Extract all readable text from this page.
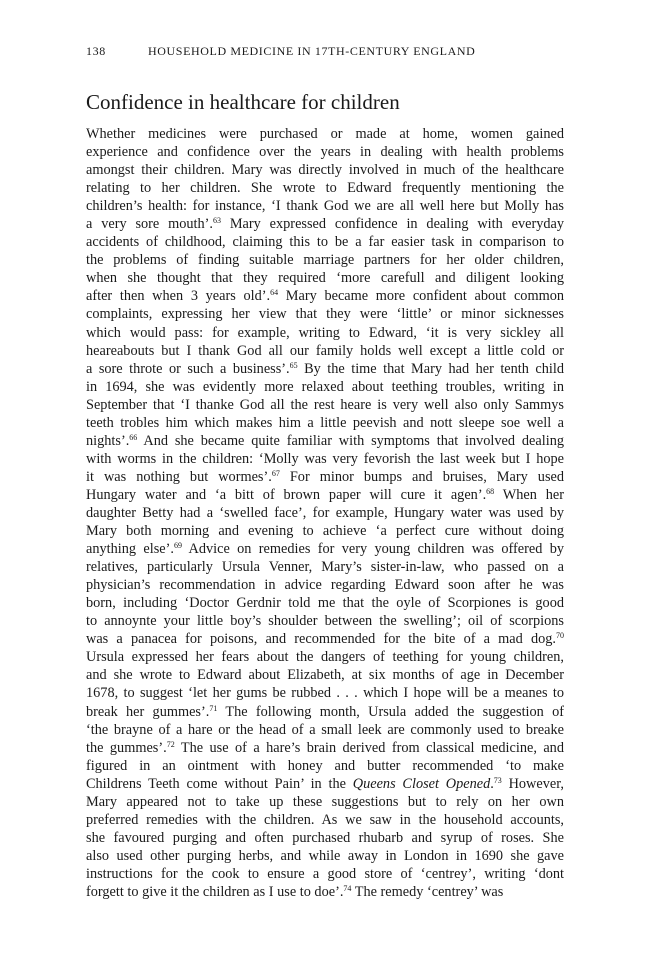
138	HOUSEHOLD MEDICINE IN 17TH-CENTURY ENGLAND
Confidence in healthcare for children
Whether medicines were purchased or made at home, women gained
experience and confidence over the years in dealing with health problems
amongst their children. Mary was directly involved in much of the healthcare
relating to her children. She wrote to Edward frequently mentioning the
children’s health: for instance, ‘I thank God we are all well here but Molly has
a very sore mouth’.$^{63}$ Mary expressed confidence in dealing with everyday
accidents of childhood, claiming this to be a far easier task in comparison to
the problems of finding suitable marriage partners for her older children,
when she thought that they required ‘more carefull and diligent looking
after then when 3 years old’.$^{64}$ Mary became more confident about common
complaints, expressing her view that they were ‘little’ or minor sicknesses
which would pass: for example, writing to Edward, ‘it is very sickley all
heareabouts but I thank God all our family holds well except a little cold or
a sore throte or such a business’.$^{65}$ By the time that Mary had her tenth child
in 1694, she was evidently more relaxed about teething troubles, writing in
September that ‘I thanke God all the rest heare is very well also only Sammys
teeth trobles him which makes him a little peevish and nott sleepe soe well a
nights’.$^{66}$ And she became quite familiar with symptoms that involved dealing
with worms in the children: ‘Molly was very fevorish the last week but I hope
it was nothing but wormes’.$^{67}$ For minor bumps and bruises, Mary used
Hungary water and ‘a bitt of brown paper will cure it agen’.$^{68}$ When her
daughter Betty had a ‘swelled face’, for example, Hungary water was used by
Mary both morning and evening to achieve ‘a perfect cure without doing
anything else’.$^{69}$ Advice on remedies for very young children was offered by
relatives, particularly Ursula Venner, Mary’s sister-in-law, who passed on a
physician’s recommendation in advice regarding Edward soon after he was
born, including ‘Doctor Gerdnir told me that the oyle of Scorpiones is good
to annoynte your little boy’s shoulder between the swelling’; oil of scorpions
was a panacea for poisons, and recommended for the bite of a mad dog.$^{70}$
Ursula expressed her fears about the dangers of teething for young children,
and she wrote to Edward about Elizabeth, at six months of age in December
1678, to suggest ‘let her gums be rubbed . . . which I hope will be a meanes to
break her gummes’.$^{71}$ The following month, Ursula added the suggestion of
‘the brayne of a hare or the head of a small leek are commonly used to breake
the gummes’.$^{72}$ The use of a hare’s brain derived from classical medicine, and
figured in an ointment with honey and butter recommended ‘to make
Childrens Teeth come without Pain’ in the Queens Closet Opened.$^{73}$ However,
Mary appeared not to take up these suggestions but to rely on her own
preferred remedies with the children. As we saw in the household accounts,
she favoured purging and often purchased rhubarb and syrup of roses. She
also used other purging herbs, and while away in London in 1690 she gave
instructions for the cook to ensure a good store of ‘centrey’, writing ‘dont
forgett to give it the children as I use to doe’.$^{74}$ The remedy ‘centrey’ was
